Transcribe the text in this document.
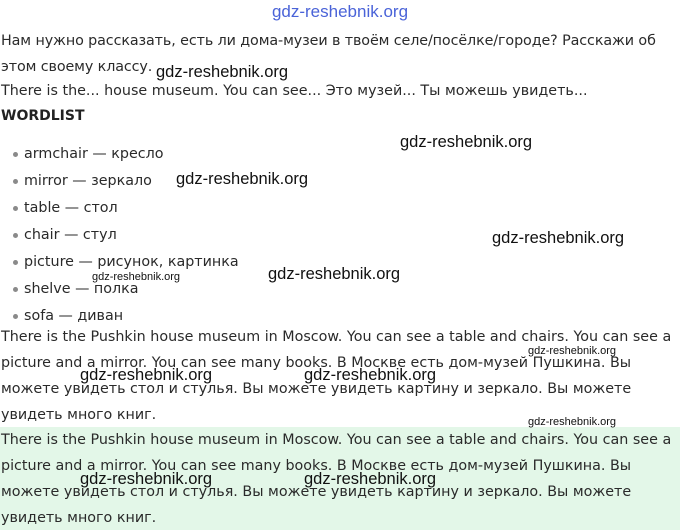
gdz-reshebnik.org

Нам нужно рассказать, есть ли дома-музеи в твоём селе/посёлке/городе? Расскажи об этом своему классу.

There is the... house museum. You can see... Это музей... Ты можешь увидеть...
WORDLIST
armchair — кресло
mirror — зеркало
table — стол
chair — стул
picture — рисунок, картинка
shelve — полка
sofa — диван

There is the Pushkin house museum in Moscow. You can see a table and chairs. You can see a picture and a mirror. You can see many books. В Москве есть дом-музей Пушкина. Вы можете увидеть стол и стулья. Вы можете увидеть картину и зеркало. Вы можете увидеть много книг.

There is the Pushkin house museum in Moscow. You can see a table and chairs. You can see a picture and a mirror. You can see many books. В Москве есть дом-музей Пушкина. Вы можете увидеть стол и стулья. Вы можете увидеть картину и зеркало. Вы можете увидеть много книг.

gdz-reshebnik.org
gdz-reshebnik.org
gdz-reshebnik.org
gdz-reshebnik.org
gdz-reshebnik.org
gdz-reshebnik.org
gdz-reshebnik.org
gdz-reshebnik.org	gdz-reshebnik.org
gdz-reshebnik.org
gdz-reshebnik.org	gdz-reshebnik.org
